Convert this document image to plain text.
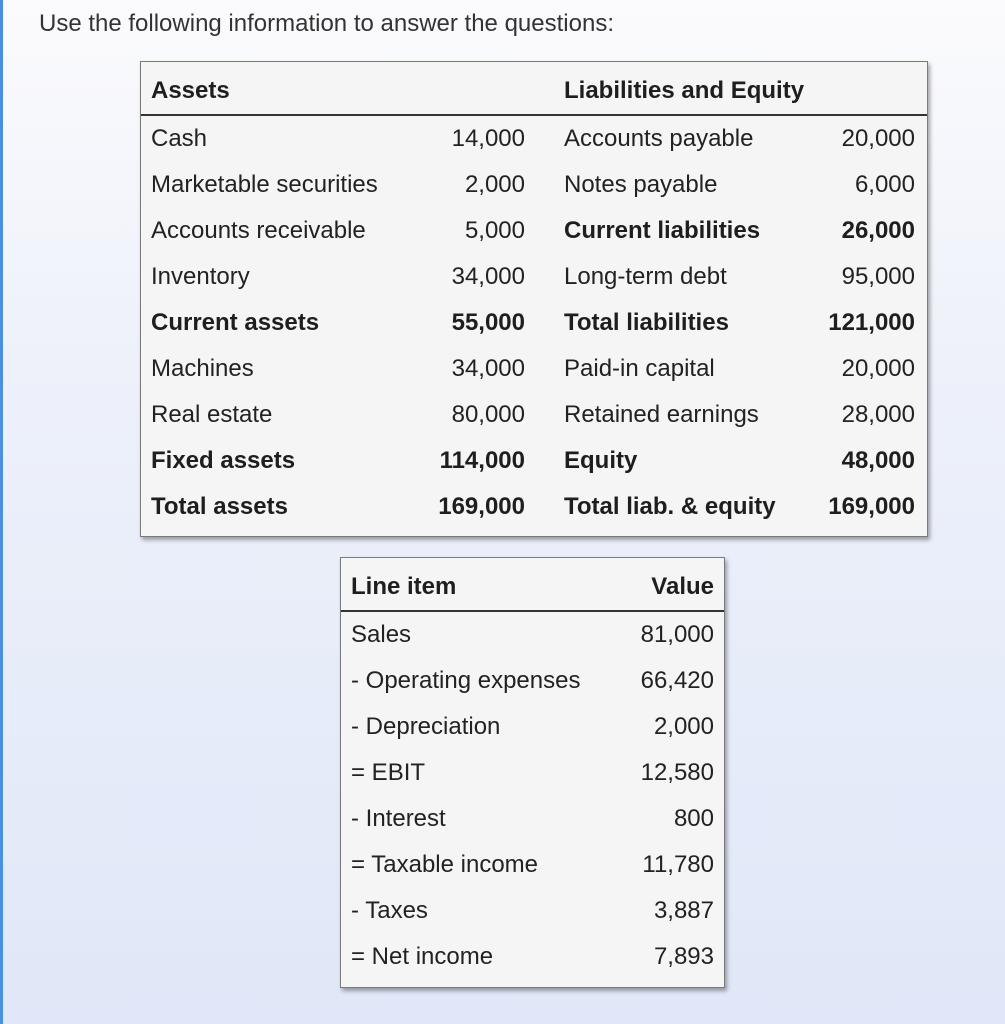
Use the following information to answer the questions:
Assets	Liabilities and Equity
Cash	14,000 Accounts payable	20,000
Marketable securities	2,000 Notes payable	6,000
Accounts receivable	5,000 Current liabilities	26,000
Inventory	34,000 Long-term debt	95,000
Current assets	55,000 Total liabilities	121,000
Machines	34,000 Paid-in capital	20,000
Real estate	80,000 Retained earnings	28,000
Fixed assets	114,000 Equity	48,000
Total assets	169,000 Total liab. & equity 169,000
Line item	Value
Sales	81,000
- Operating expenses	66,420
- Depreciation	2,000
= EBIT	12,580
- Interest	800
= Taxable income	11,780
- Taxes	3,887
= Net income	7,893
